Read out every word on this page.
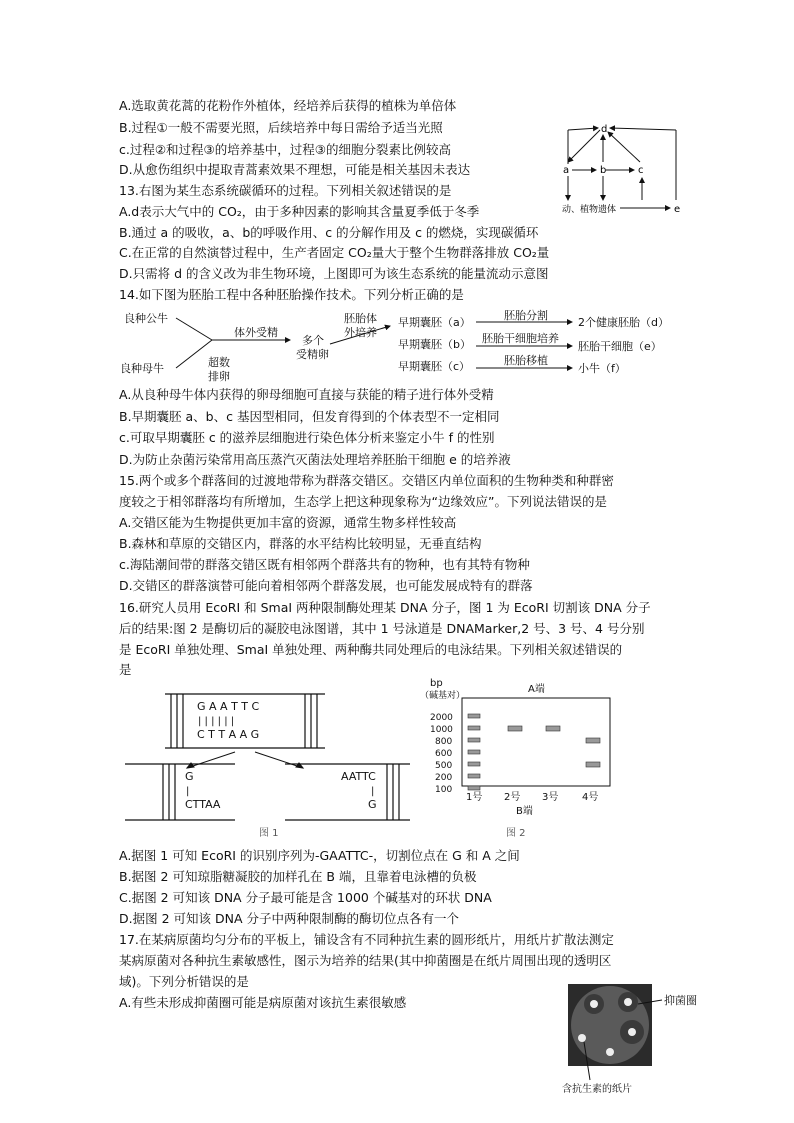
A.选取黄花蒿的花粉作外植体，经培养后获得的植株为单倍体
B.过程①一般不需要光照，后续培养中每日需给予适当光照
c.过程②和过程③的培养基中，过程③的细胞分裂素比例较高
D.从愈伤组织中提取青蒿素效果不理想，可能是相关基因未表达
13.右图为某生态系统碳循环的过程。下列相关叙述错误的是
A.d表示大气中的 CO₂，由于多种因素的影响其含量夏季低于冬季
B.通过 a 的吸收，a、b的呼吸作用、c 的分解作用及 c 的燃烧，实现碳循环
C.在正常的自然演替过程中，生产者固定 CO₂量大于整个生物群落排放 CO₂量
D.只需将 d 的含义改为非生物环境，上图即可为该生态系统的能量流动示意图
d
a	b	c
e
动、植物遗体
14.如下图为胚胎工程中各种胚胎操作技术。下列分析正确的是
良种公牛
良种母牛
体外受精
超数
排卵
多个
受精卵
胚胎体
外培养
早期囊胚（a）
早期囊胚（b）
早期囊胚（c）
胚胎分割
胚胎干细胞培养
胚胎移植
2个健康胚胎（d）
胚胎干细胞（e）
小牛（f）
A.从良种母牛体内获得的卵母细胞可直接与获能的精子进行体外受精
B.早期囊胚 a、b、c 基因型相同，但发育得到的个体表型不一定相同
c.可取早期囊胚 c 的滋养层细胞进行染色体分析来鉴定小牛 f 的性别
D.为防止杂菌污染常用高压蒸汽灭菌法处理培养胚胎干细胞 e 的培养液
15.两个或多个群落间的过渡地带称为群落交错区。交错区内单位面积的生物种类和种群密
度较之于相邻群落均有所增加，生态学上把这种现象称为“边缘效应”。下列说法错误的是
A.交错区能为生物提供更加丰富的资源，通常生物多样性较高
B.森林和草原的交错区内，群落的水平结构比较明显，无垂直结构
c.海陆潮间带的群落交错区既有相邻两个群落共有的物种，也有其特有物种
D.交错区的群落演替可能向着相邻两个群落发展，也可能发展成特有的群落
16.研究人员用 EcoRI 和 SmaI 两种限制酶处理某 DNA 分子，图 1 为 EcoRI 切割该 DNA 分子
后的结果:图 2 是酶切后的凝胶电泳图谱，其中 1 号泳道是 DNAMarker,2 号、3 号、4 号分别
是 EcoRI 单独处理、SmaI 单独处理、两种酶共同处理后的电泳结果。下列相关叙述错误的
是
G A A T T C
| | | | | |
C T T A A G
G
|
CTTAA
AATTC
|
G
图 1
bp
（碱基对）
A端
B端
2000
1000
800
600
500
200
100
1号 2号 3号 4号
图 2
A.据图 1 可知 EcoRI 的识别序列为-GAATTC-，切割位点在 G 和 A 之间
B.据图 2 可知琼脂糖凝胶的加样孔在 B 端，且靠着电泳槽的负极
C.据图 2 可知该 DNA 分子最可能是含 1000 个碱基对的环状 DNA
D.据图 2 可知该 DNA 分子中两种限制酶的酶切位点各有一个
17.在某病原菌均匀分布的平板上，铺设含有不同种抗生素的圆形纸片，用纸片扩散法测定
某病原菌对各种抗生素敏感性，图示为培养的结果(其中抑菌圈是在纸片周围出现的透明区
域)。下列分析错误的是
A.有些未形成抑菌圈可能是病原菌对该抗生素很敏感	抑菌圈
含抗生素的纸片
